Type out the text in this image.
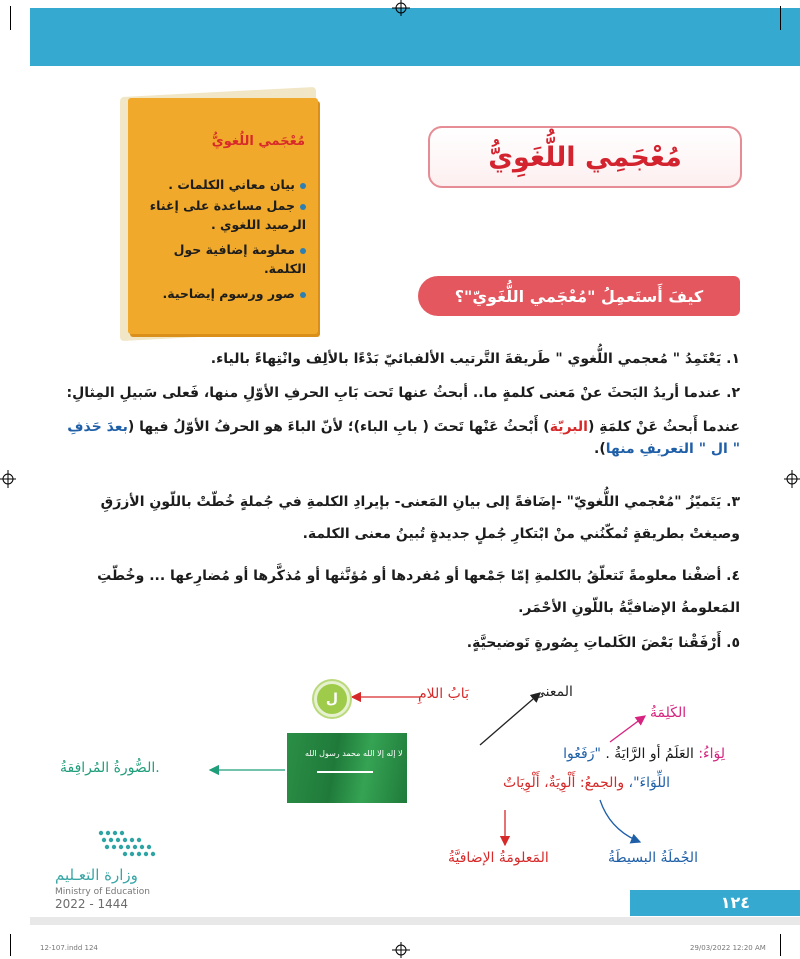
مُعْجَمي اللُغويُّ
بيان معاني الكلمات .
جمل مساعدة على إغناء الرصيد اللغوي .
معلومة إضافية حول الكلمة.
صور ورسوم إيضاحية.
مُعْجَمِي اللُّغَوِيُّ
كيفَ أَستَعمِلُ "مُعْجَمي اللُّغَويّ"؟
١. يَعْتَمِدُ " مُعجمي اللُّغوي " طَريقةَ التَّرتيب الألفبائيّ بَدْءًا بالألِف وانْتِهاءً بالياء.
٢. عندما أريدُ البَحثَ عنْ مَعنى كلمةٍ ما.. أبحثُ عنها تَحت بَابِ الحرفِ الأوّلِ منها، فَعلى سَبيلِ المِثالِ:
عندما أَبحثُ عَنْ كلمَةِ (البريّة) أَبْحثُ عَنْها تَحتَ ( بابِ الباء)؛ لأنّ الباءَ هو الحرفُ الأوّلُ فيها (بعدَ حَذفِ " ال " التعريفِ منها).
٣. يَتَميّزُ "مُعْجمي اللُّغويّ" -إضَافةً إلى بيانِ المَعنى- بإيرادِ الكلمةِ في جُملةٍ خُطّتْ باللّونِ الأزرَقِ وصيغتْ بطريقةٍ تُمكّنُني منْ ابْتكارِ جُملٍ جديدةٍ تُبينُ معنى الكلمة.
٤. أضفْنا معلومةً تَتعلّقُ بالكلمةِ إمّا جَمْعها أو مُفردها أو مُؤنَّثها أو مُذكَّرها أو مُضارِعها ... وخُطّتِ المَعلومةُ الإضافيَّةُ باللّونِ الأحْمَر.
٥. أَرْفَقْنا بَعْضَ الكَلماتِ بِصُورةٍ تَوضيحيَّةٍ.
ل	بَابُ اللامِ	المعنى
الكَلِمَةُ
لا إله إلا الله محمد رسول الله
الصُّورةُ المُرافِقةُ.
لِوَاءُ: العَلَمُ أو الرَّايَةُ . "رَفَعُوا
اللِّوَاءَ"، والجمعُ: أَلْوِيَةٌ، أَلْوِيَاتٌ
المَعلومَةُ الإضافيَّةُ	الجُملَةُ البسيطَةُ
وزارة التعـليم
Ministry of Education
2022 - 1444	١٢٤
12-107.indd 124	29/03/2022 12:20 AM
